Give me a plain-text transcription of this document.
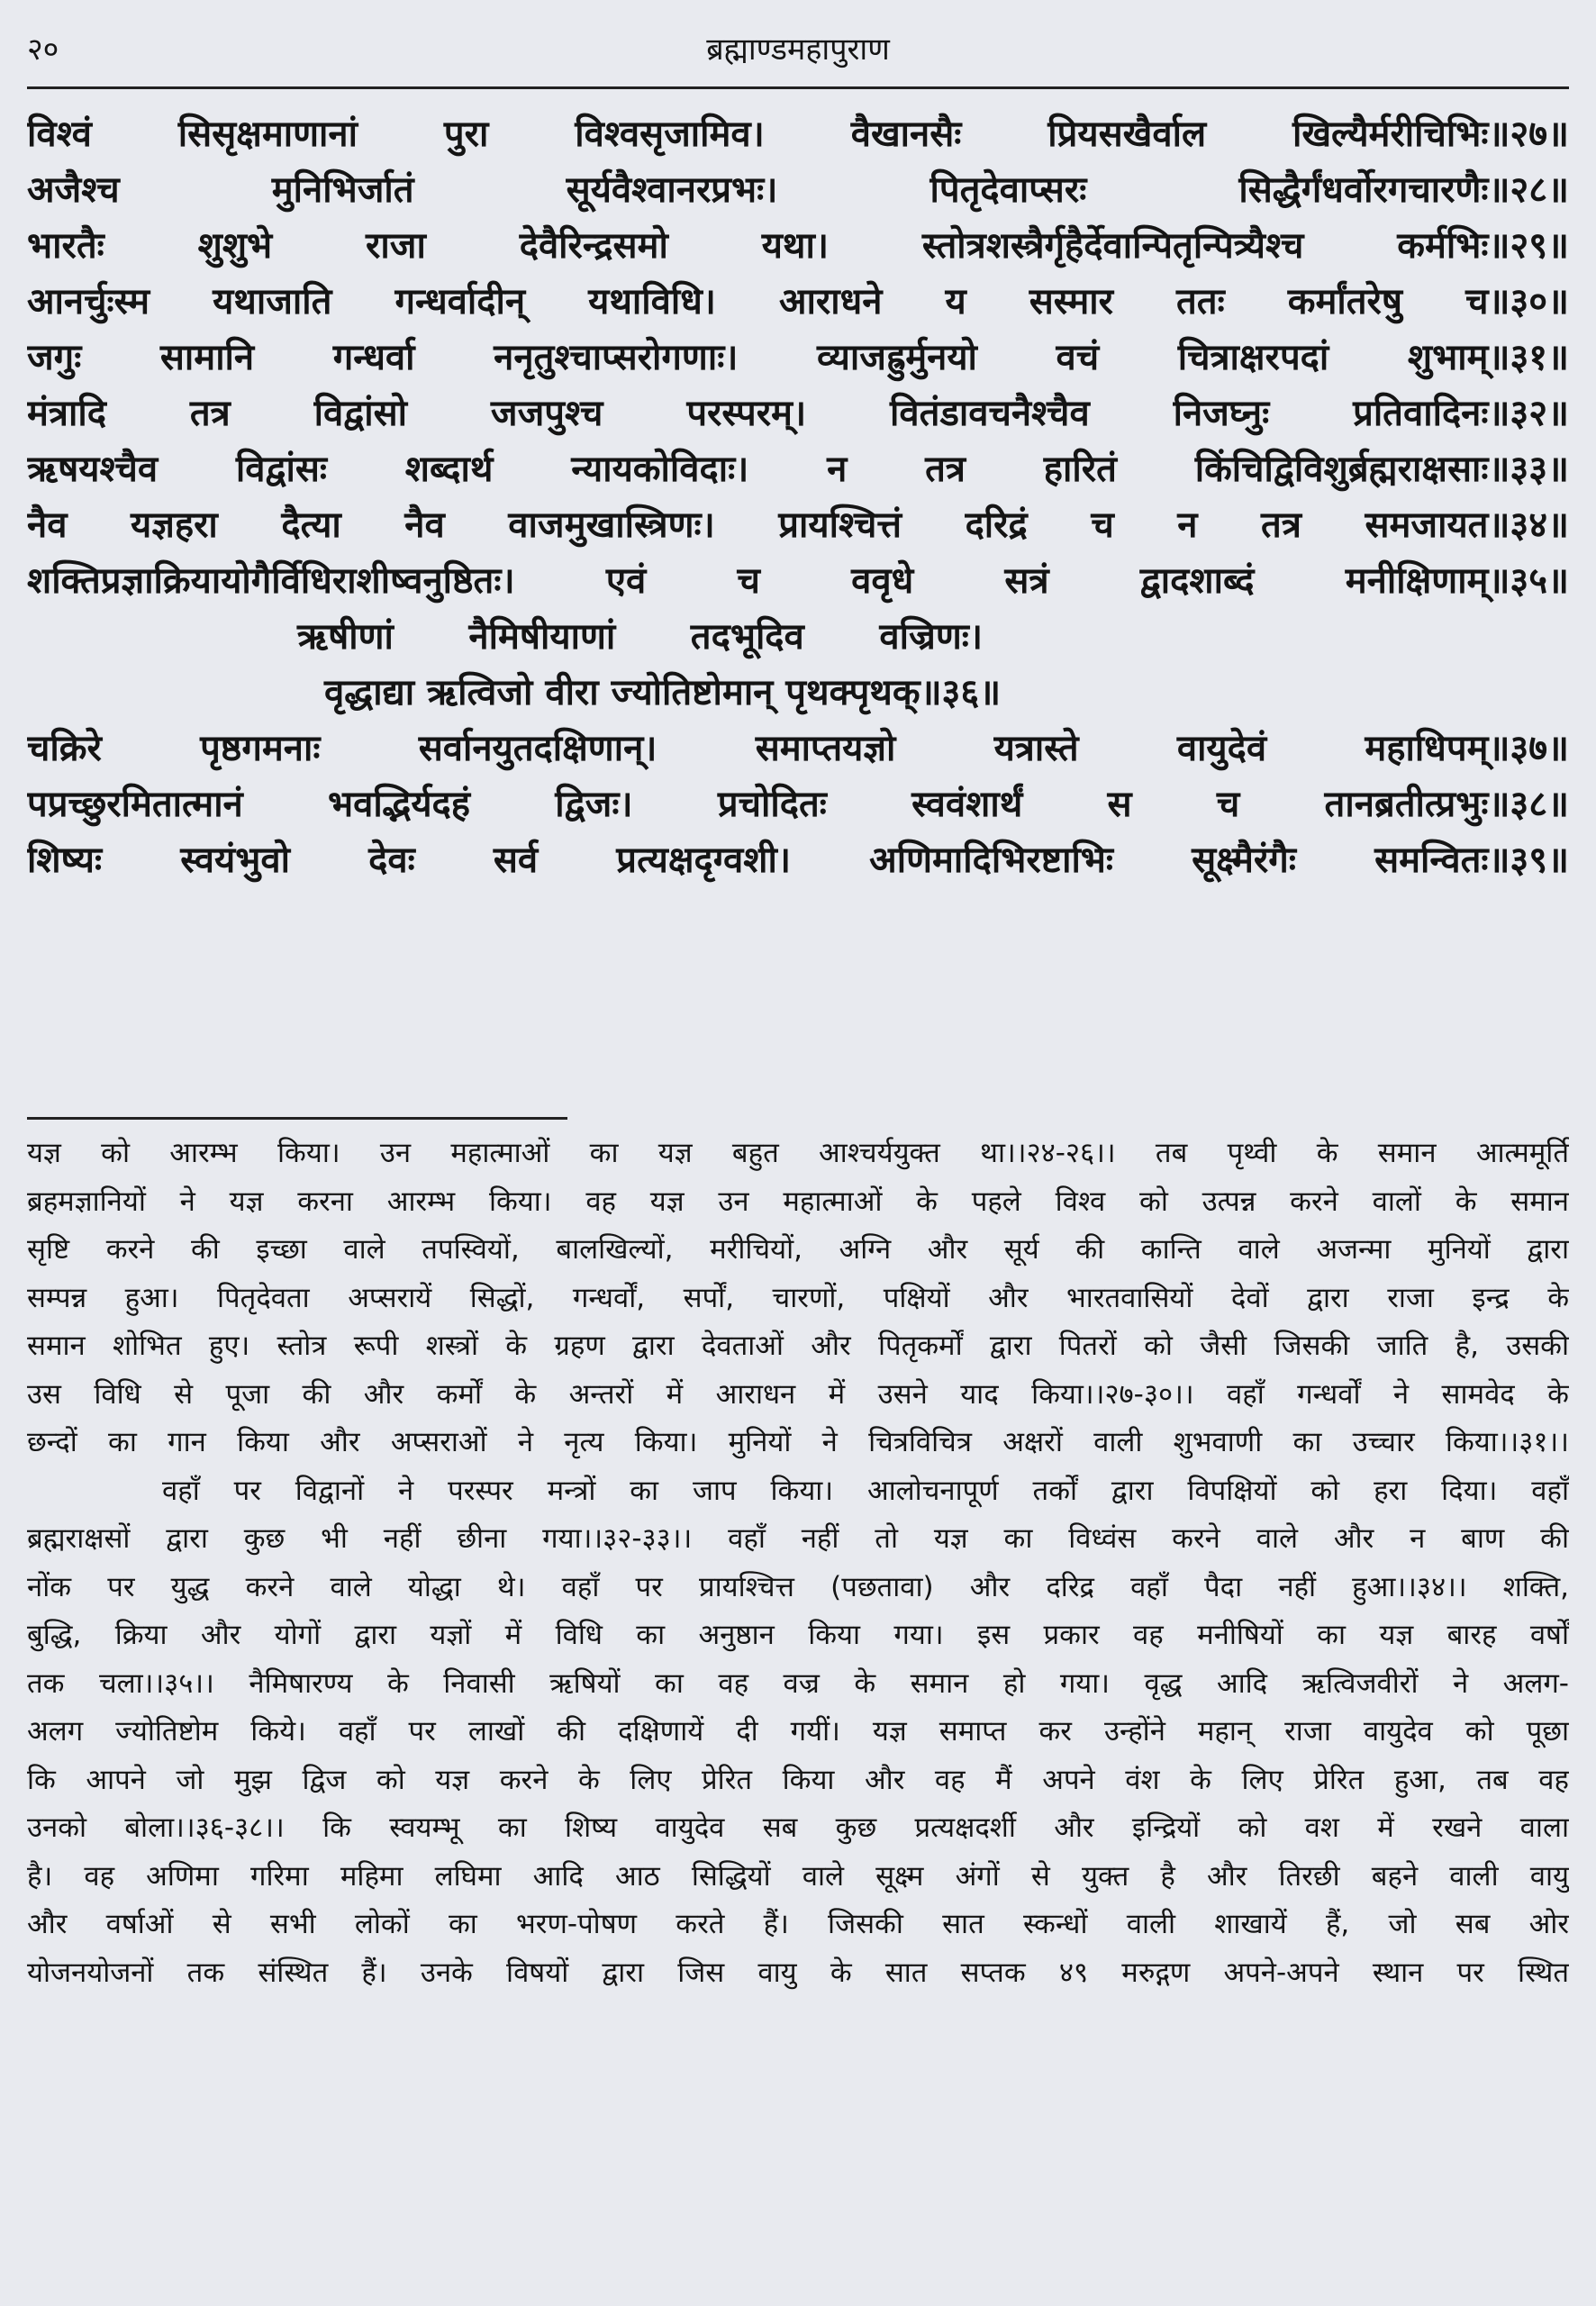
२०	ब्रह्माण्डमहापुराण
विश्वं सिसृक्षमाणानां पुरा विश्वसृजामिव। वैखानसैः प्रियसखैर्वाल खिल्यैर्मरीचिभिः॥२७॥
अजैश्च मुनिभिर्जातं सूर्यवैश्वानरप्रभः। पितृदेवाप्सरः सिद्धैर्गंधर्वोरगचारणैः॥२८॥
भारतैः शुशुभे राजा देवैरिन्द्रसमो यथा। स्तोत्रशस्त्रैर्गृहैर्देवान्पितृन्पित्र्यैश्च कर्मभिः॥२९॥
आनर्चुःस्म यथाजाति गन्धर्वादीन् यथाविधि। आराधने य सस्मार ततः कर्मांतरेषु च॥३०॥
जगुः सामानि गन्धर्वा ननृतुश्चाप्सरोगणाः। व्याजह्रुर्मुनयो वचं चित्राक्षरपदां शुभाम्॥३१॥
मंत्रादि तत्र विद्वांसो जजपुश्च परस्परम्। वितंडावचनैश्चैव निजघ्नुः प्रतिवादिनः॥३२॥
ऋषयश्चैव विद्वांसः शब्दार्थ न्यायकोविदाः। न तत्र हारितं किंचिद्विविशुर्ब्रह्मराक्षसाः॥३३॥
नैव यज्ञहरा दैत्या नैव वाजमुखास्त्रिणः। प्रायश्चित्तं दरिद्रं च न तत्र समजायत॥३४॥
शक्तिप्रज्ञाक्रियायोगैर्विधिराशीष्वनुष्ठितः। एवं च ववृधे सत्रं द्वादशाब्दं मनीक्षिणाम्॥३५॥
ऋषीणां      नैमिषीयाणां      तदभूदिव      वज्रिणः।
वृद्धाद्या ऋत्विजो वीरा ज्योतिष्टोमान् पृथक्पृथक्॥३६॥
चक्रिरे पृष्ठगमनाः सर्वानयुतदक्षिणान्। समाप्तयज्ञो यत्रास्ते वायुदेवं महाधिपम्॥३७॥
पप्रच्छुरमितात्मानं भवद्भिर्यदहं द्विजः। प्रचोदितः स्ववंशार्थं स च तानब्रतीत्प्रभुः॥३८॥
शिष्यः स्वयंभुवो देवः सर्व प्रत्यक्षदृग्वशी। अणिमादिभिरष्टाभिः सूक्ष्मैरंगैः समन्वितः॥३९॥
यज्ञ को आरम्भ किया। उन महात्माओं का यज्ञ बहुत आश्चर्ययुक्त था।।२४-२६।। तब पृथ्वी के समान आत्ममूर्ति
ब्रहमज्ञानियों ने यज्ञ करना आरम्भ किया। वह यज्ञ उन महात्माओं के पहले विश्व को उत्पन्न करने वालों के समान
सृष्टि करने की इच्छा वाले तपस्वियों, बालखिल्यों, मरीचियों, अग्नि और सूर्य की कान्ति वाले अजन्मा मुनियों द्वारा
सम्पन्न हुआ। पितृदेवता अप्सरायें सिद्धों, गन्धर्वों, सर्पों, चारणों, पक्षियों और भारतवासियों देवों द्वारा राजा इन्द्र के
समान शोभित हुए। स्तोत्र रूपी शस्त्रों के ग्रहण द्वारा देवताओं और पितृकर्मों द्वारा पितरों को जैसी जिसकी जाति है, उसकी
उस विधि से पूजा की और कर्मों के अन्तरों में आराधन में उसने याद किया।।२७-३०।। वहाँ गन्धर्वों ने सामवेद के
छन्दों का गान किया और अप्सराओं ने नृत्य किया। मुनियों ने चित्रविचित्र अक्षरों वाली शुभवाणी का उच्चार किया।।३१।।
वहाँ पर विद्वानों ने परस्पर मन्त्रों का जाप किया। आलोचनापूर्ण तर्कों द्वारा विपक्षियों को हरा दिया। वहाँ
ब्रह्मराक्षसों द्वारा कुछ भी नहीं छीना गया।।३२-३३।। वहाँ नहीं तो यज्ञ का विध्वंस करने वाले और न बाण की
नोंक पर युद्ध करने वाले योद्धा थे। वहाँ पर प्रायश्चित्त (पछतावा) और दरिद्र वहाँ पैदा नहीं हुआ।।३४।। शक्ति,
बुद्धि, क्रिया और योगों द्वारा यज्ञों में विधि का अनुष्ठान किया गया। इस प्रकार वह मनीषियों का यज्ञ बारह वर्षों
तक चला।।३५।। नैमिषारण्य के निवासी ऋषियों का वह वज्र के समान हो गया। वृद्ध आदि ऋत्विजवीरों ने अलग-
अलग ज्योतिष्टोम किये। वहाँ पर लाखों की दक्षिणायें दी गयीं। यज्ञ समाप्त कर उन्होंने महान् राजा वायुदेव को पूछा
कि आपने जो मुझ द्विज को यज्ञ करने के लिए प्रेरित किया और वह मैं अपने वंश के लिए प्रेरित हुआ, तब वह
उनको बोला।।३६-३८।। कि स्वयम्भू का शिष्य वायुदेव सब कुछ प्रत्यक्षदर्शी और इन्द्रियों को वश में रखने वाला
है। वह अणिमा गरिमा महिमा लघिमा आदि आठ सिद्धियों वाले सूक्ष्म अंगों से युक्त है और तिरछी बहने वाली वायु
और वर्षाओं से सभी लोकों का भरण-पोषण करते हैं। जिसकी सात स्कन्धों वाली शाखायें हैं, जो सब ओर
योजनयोजनों तक संस्थित हैं। उनके विषयों द्वारा जिस वायु के सात सप्तक ४९ मरुद्गण अपने-अपने स्थान पर स्थित
